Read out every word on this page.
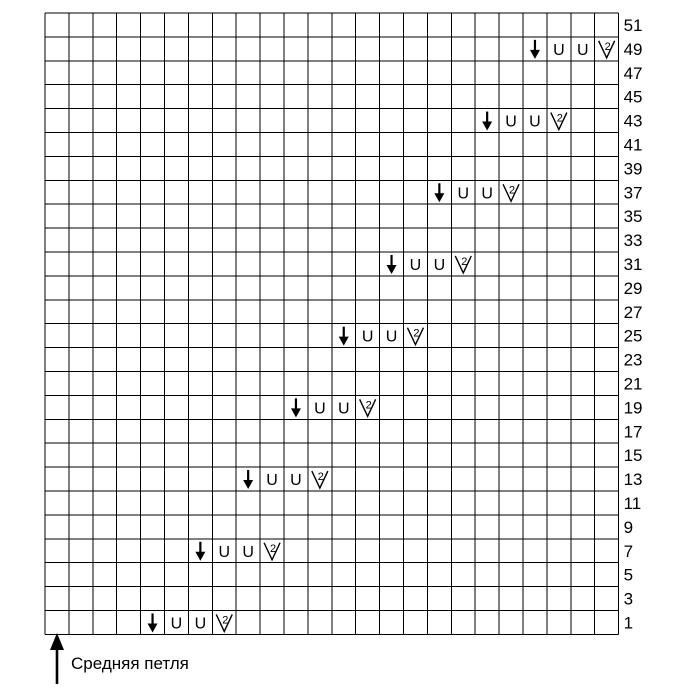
U U 2
U U 2
U U 2
U U 2
U U 2
U U 2
U U 2
U U 2
U U 2
51
49
47
45
43
41
39
37
35
33
31
29
27
25
23
21
19
17
15
13
11
9
7
5
3
1
Средняя петля
